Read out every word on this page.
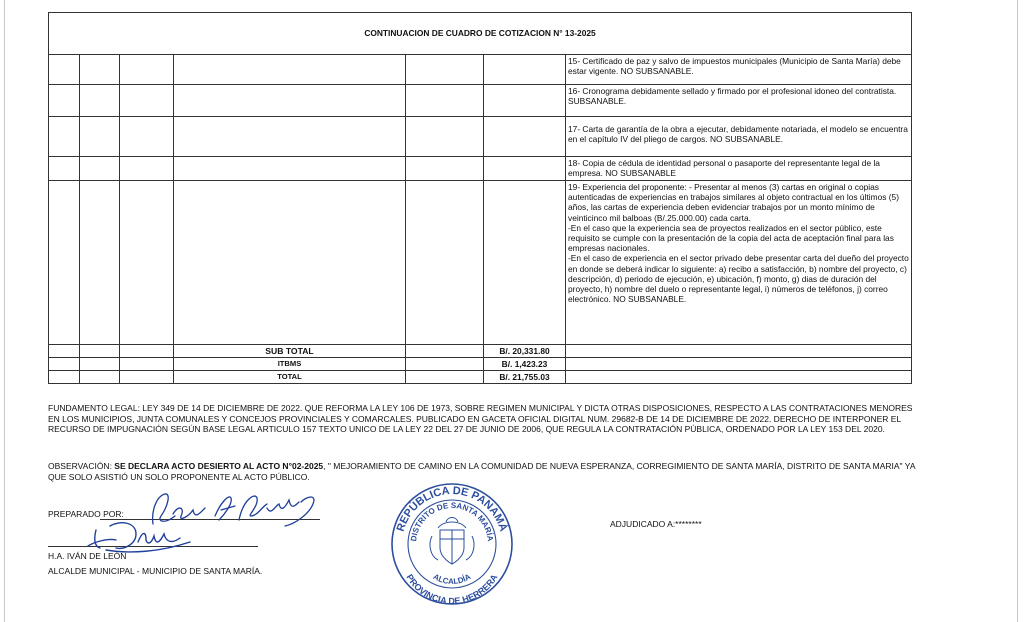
CONTINUACION DE CUADRO DE COTIZACION N° 13-2025						
						15- Certificado de paz y salvo de impuestos municipales (Municipio de Santa María) debe estar vigente. NO SUBSANABLE.
						16- Cronograma debidamente sellado y firmado por el profesional idoneo del contratista. SUBSANABLE.
						17- Carta de garantía de la obra a ejecutar, debidamente notariada, el modelo se encuentra en el capítulo IV del pliego de cargos. NO SUBSANABLE.
						18- Copia de cédula de identidad personal o pasaporte del representante legal de la empresa. NO SUBSANABLE
						19- Experiencia del proponente: - Presentar al menos (3) cartas en original o copias autenticadas de experiencias en trabajos similares al objeto contractual en los últimos (5) años, las cartas de experiencia deben evidenciar trabajos por un monto mínimo de veinticinco mil balboas (B/.25.000.00) cada carta.
-En el caso que la experiencia sea de proyectos realizados en el sector público, este requisito se cumple con la presentación de la copia del acta de aceptación final para las empresas nacionales.
-En el caso de experiencia en el sector privado debe presentar carta del dueño del proyecto en donde se deberá indicar lo siguiente: a) recibo a satisfacción, b) nombre del proyecto, c) descripción, d) periodo de ejecución, e) ubicación, f) monto, g) dias de duración del proyecto, h) nombre del duelo o representante legal, i) números de teléfonos, j) correo electrónico. NO SUBSANABLE.
			SUB TOTAL		B/. 20,331.80	
			ITBMS		B/. 1,423.23	
			TOTAL		B/. 21,755.03	
FUNDAMENTO LEGAL: LEY 349 DE 14 DE DICIEMBRE DE 2022. QUE REFORMA LA LEY 106 DE 1973, SOBRE REGIMEN MUNICIPAL Y DICTA OTRAS DISPOSICIONES, RESPECTO A LAS CONTRATACIONES MENORES EN LOS MUNICIPIOS, JUNTA COMUNALES Y CONCEJOS PROVINCIALES Y COMARCALES. PUBLICADO EN GACETA OFICIAL DIGITAL NUM. 29682-B DE 14 DE DICIEMBRE DE 2022. DERECHO DE INTERPONER EL RECURSO DE IMPUGNACIÓN SEGÚN BASE LEGAL ARTICULO 157 TEXTO UNICO DE LA LEY 22 DEL 27 DE JUNIO DE 2006, QUE REGULA LA CONTRATACIÓN PÚBLICA, ORDENADO POR LA LEY 153 DEL 2020.
OBSERVACIÓN: SE DECLARA ACTO DESIERTO AL ACTO N°02-2025, " MEJORAMIENTO DE CAMINO EN LA COMUNIDAD DE NUEVA ESPERANZA, CORREGIMIENTO DE SANTA MARÍA, DISTRITO DE SANTA MARIA" YA QUE SOLO ASISTIÓ UN SOLO PROPONENTE AL ACTO PÚBLICO.
PREPARADO POR:
H.A. IVÁN DE LEÓN
ALCALDE MUNICIPAL - MUNICIPIO DE SANTA MARÍA.
ADJUDICADO A:********
REPÚBLICA DE PANAMÁ
DISTRITO DE SANTA MARÍA
ALCALDÍA
PROVINCIA DE HERRERA
